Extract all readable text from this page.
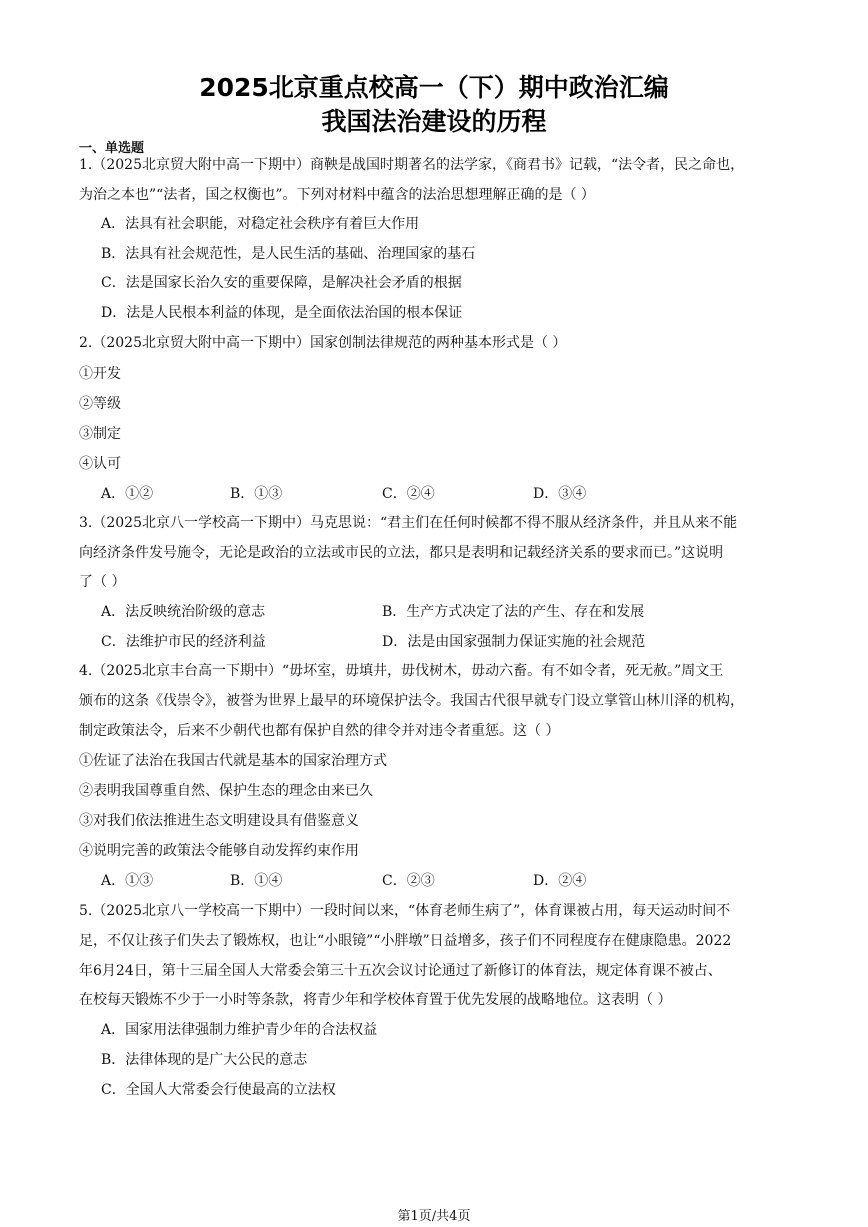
2025北京重点校高一（下）期中政治汇编
我国法治建设的历程
一、单选题
1.（2025北京贸大附中高一下期中）商鞅是战国时期著名的法学家，《商君书》记载，“法令者，民之命也，
为治之本也”“法者，国之权衡也”。下列对材料中蕴含的法治思想理解正确的是（ ）
A．法具有社会职能，对稳定社会秩序有着巨大作用
B．法具有社会规范性，是人民生活的基础、治理国家的基石
C．法是国家长治久安的重要保障，是解决社会矛盾的根据
D．法是人民根本利益的体现，是全面依法治国的根本保证
2.（2025北京贸大附中高一下期中）国家创制法律规范的两种基本形式是（ ）
①开发
②等级
③制定
④认可
A．①②	B．①③	C．②④	D．③④
3.（2025北京八一学校高一下期中）马克思说：“君主们在任何时候都不得不服从经济条件，并且从来不能
向经济条件发号施令，无论是政治的立法或市民的立法，都只是表明和记载经济关系的要求而已。”这说明
了（ ）
A．法反映统治阶级的意志	B．生产方式决定了法的产生、存在和发展
C．法维护市民的经济利益	D．法是由国家强制力保证实施的社会规范
4.（2025北京丰台高一下期中）“毋坏室，毋填井，毋伐树木，毋动六畜。有不如令者，死无赦。”周文王
颁布的这条《伐崇令》，被誉为世界上最早的环境保护法令。我国古代很早就专门设立掌管山林川泽的机构，
制定政策法令，后来不少朝代也都有保护自然的律令并对违令者重惩。这（ ）
①佐证了法治在我国古代就是基本的国家治理方式
②表明我国尊重自然、保护生态的理念由来已久
③对我们依法推进生态文明建设具有借鉴意义
④说明完善的政策法令能够自动发挥约束作用
A．①③	B．①④	C．②③	D．②④
5.（2025北京八一学校高一下期中）一段时间以来，“体育老师生病了”，体育课被占用，每天运动时间不
足，不仅让孩子们失去了锻炼权，也让“小眼镜”“小胖墩”日益增多，孩子们不同程度存在健康隐患。2022
年6月24日，第十三届全国人大常委会第三十五次会议讨论通过了新修订的体育法，规定体育课不被占、
在校每天锻炼不少于一小时等条款，将青少年和学校体育置于优先发展的战略地位。这表明（ ）
A．国家用法律强制力维护青少年的合法权益
B．法律体现的是广大公民的意志
C．全国人大常委会行使最高的立法权
第1页/共4页
